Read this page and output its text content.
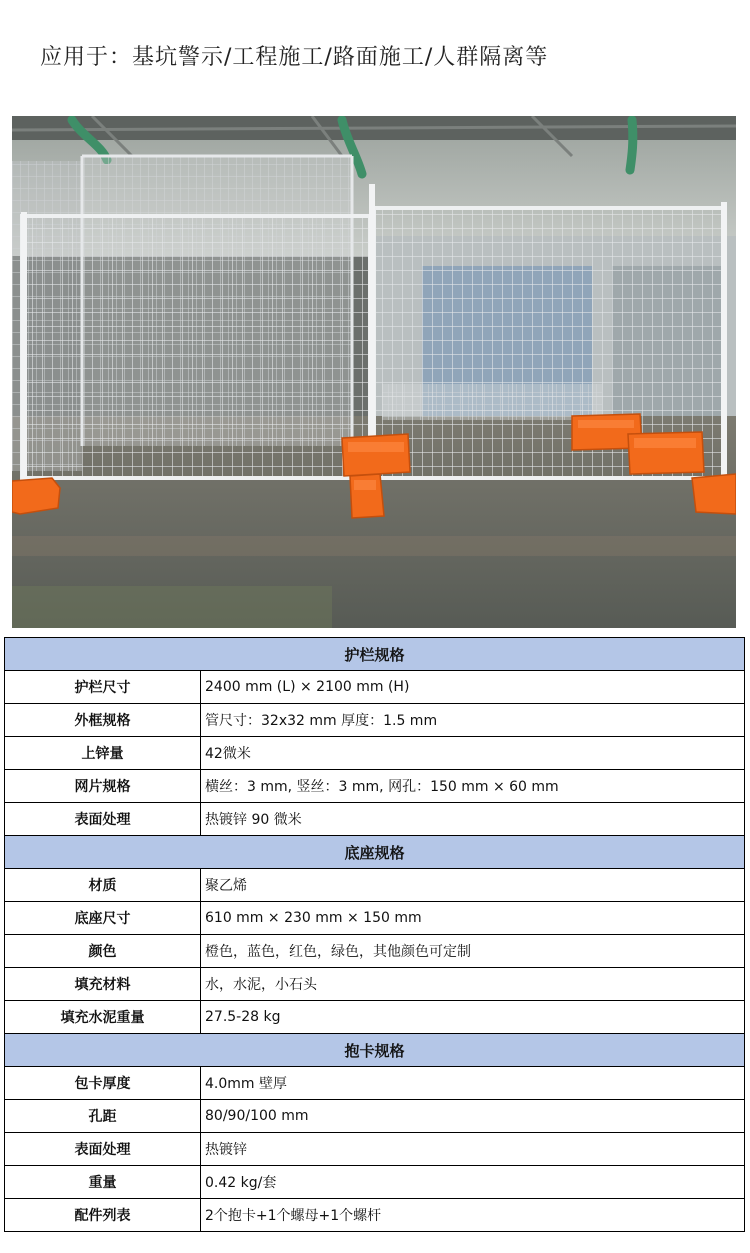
应用于：基坑警示/工程施工/路面施工/人群隔离等
护栏规格	
护栏尺寸	2400 mm (L) × 2100 mm (H)
外框规格	管尺寸：32x32 mm 厚度：1.5 mm
上锌量	42微米
网片规格	横丝：3 mm, 竖丝：3 mm, 网孔：150 mm × 60 mm
表面处理	热镀锌 90 微米
底座规格	
材质	聚乙烯
底座尺寸	610 mm × 230 mm × 150 mm
颜色	橙色，蓝色，红色，绿色，其他颜色可定制
填充材料	水，水泥，小石头
填充水泥重量	27.5-28 kg
抱卡规格	
包卡厚度	4.0mm 壁厚
孔距	80/90/100 mm
表面处理	热镀锌
重量	0.42 kg/套
配件列表	2个抱卡+1个螺母+1个螺杆
